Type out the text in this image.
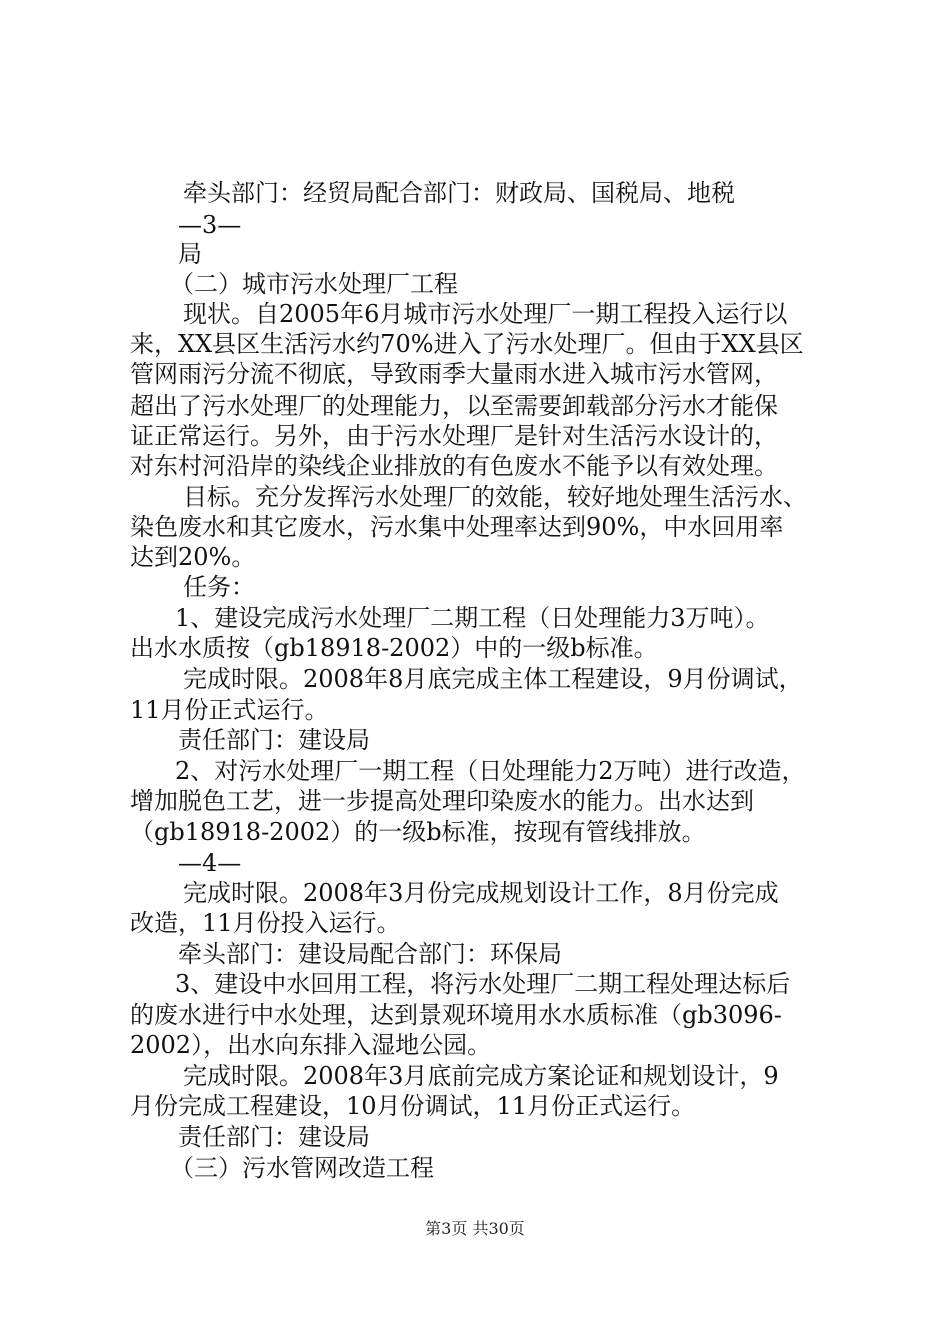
牵头部门：经贸局配合部门：财政局、国税局、地税
—3—
局
（二）城市污水处理厂工程
现状。自2005年6月城市污水处理厂一期工程投入运行以
来，XX县区生活污水约70%进入了污水处理厂。但由于XX县区
管网雨污分流不彻底，导致雨季大量雨水进入城市污水管网，
超出了污水处理厂的处理能力，以至需要卸载部分污水才能保
证正常运行。另外，由于污水处理厂是针对生活污水设计的，
对东村河沿岸的染线企业排放的有色废水不能予以有效处理。
目标。充分发挥污水处理厂的效能，较好地处理生活污水、
染色废水和其它废水，污水集中处理率达到90%，中水回用率
达到20%。
任务：
1、建设完成污水处理厂二期工程（日处理能力3万吨）。
出水水质按（gb18918-2002）中的一级b标准。
完成时限。2008年8月底完成主体工程建设，9月份调试，
11月份正式运行。
责任部门：建设局
2、对污水处理厂一期工程（日处理能力2万吨）进行改造，
增加脱色工艺，进一步提高处理印染废水的能力。出水达到
（gb18918-2002）的一级b标准，按现有管线排放。
—4—
完成时限。2008年3月份完成规划设计工作，8月份完成
改造，11月份投入运行。
牵头部门：建设局配合部门：环保局
3、建设中水回用工程，将污水处理厂二期工程处理达标后
的废水进行中水处理，达到景观环境用水水质标准（gb3096-
2002），出水向东排入湿地公园。
完成时限。2008年3月底前完成方案论证和规划设计，9
月份完成工程建设，10月份调试，11月份正式运行。
责任部门：建设局
（三）污水管网改造工程
第3页 共30页
